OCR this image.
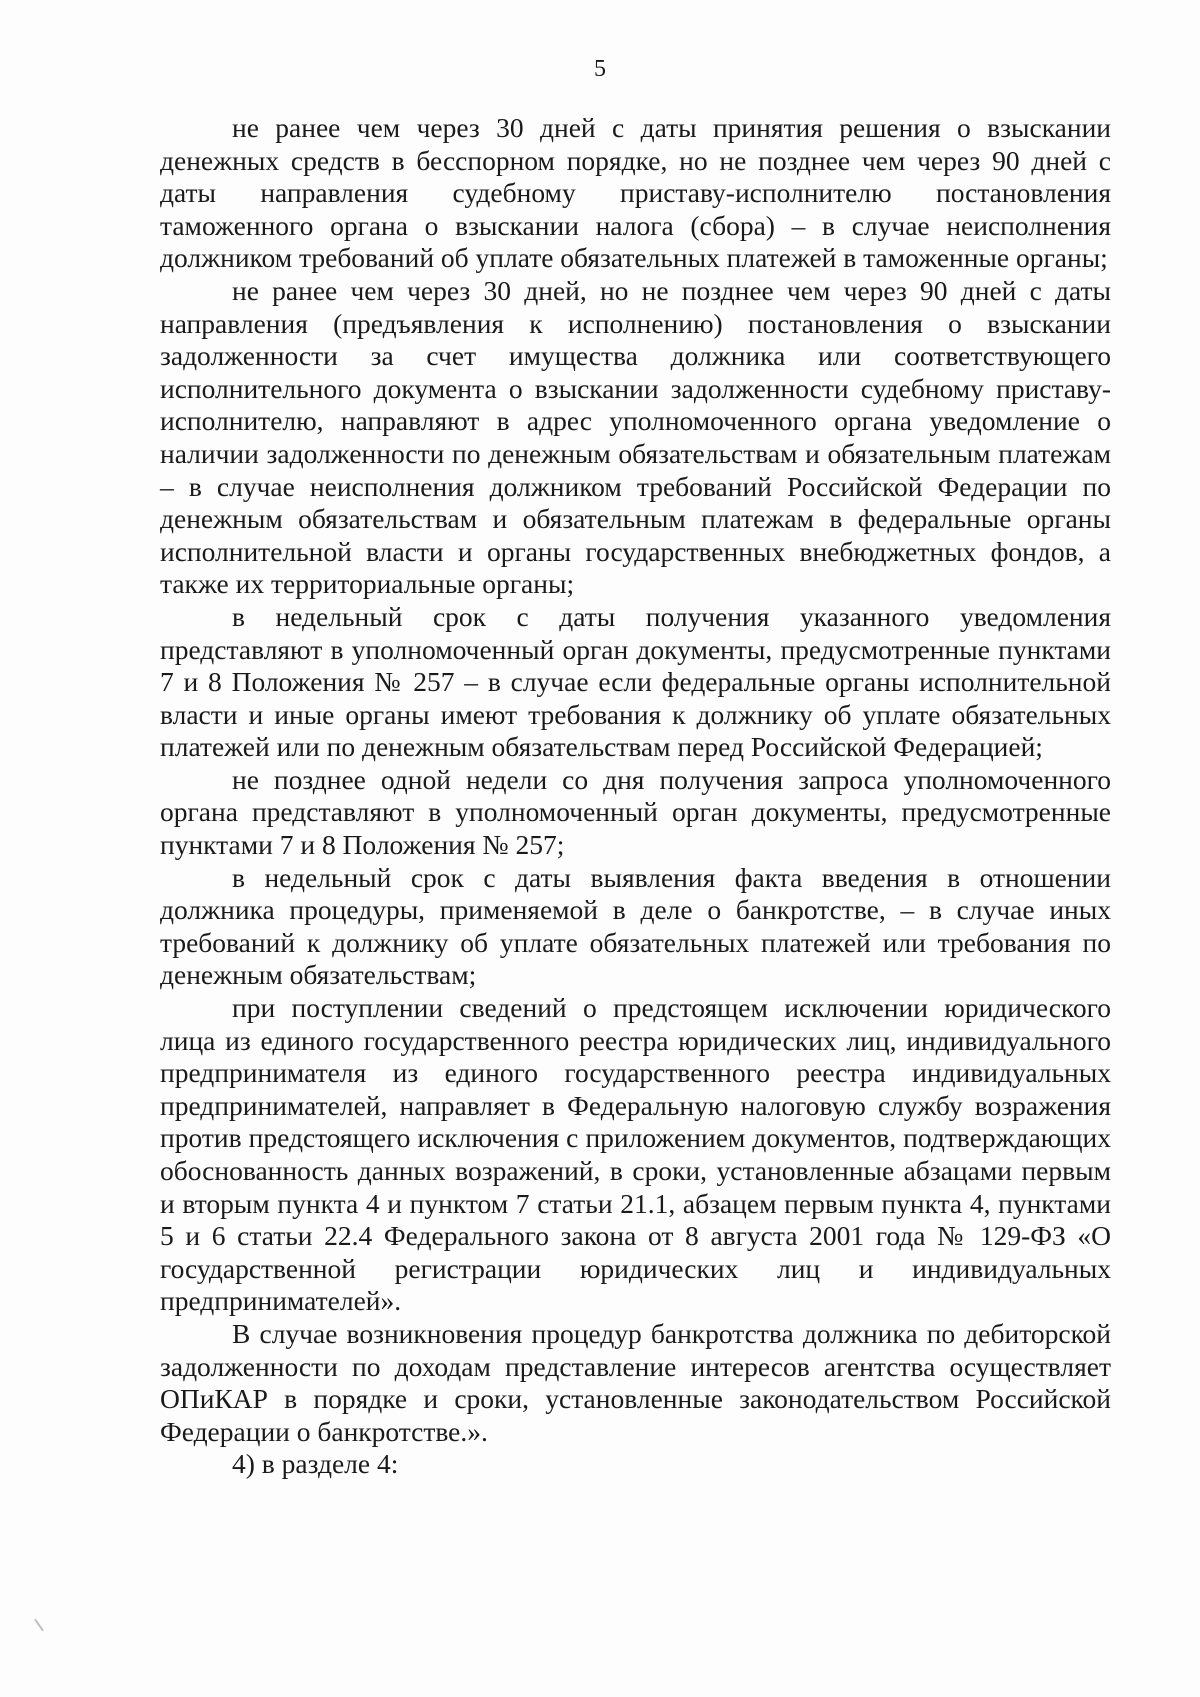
5

не ранее чем через 30 дней с даты принятия решения о взыскании денежных средств в бесспорном порядке, но не позднее чем через 90 дней с даты направления судебному приставу-исполнителю постановления таможенного органа о взыскании налога (сбора) – в случае неисполнения должником требований об уплате обязательных платежей в таможенные органы;

не ранее чем через 30 дней, но не позднее чем через 90 дней с даты направления (предъявления к исполнению) постановления о взыскании задолженности за счет имущества должника или соответствующего исполнительного документа о взыскании задолженности судебному приставу-исполнителю, направляют в адрес уполномоченного органа уведомление о наличии задолженности по денежным обязательствам и обязательным платежам – в случае неисполнения должником требований Российской Федерации по денежным обязательствам и обязательным платежам в федеральные органы исполнительной власти и органы государственных внебюджетных фондов, а также их территориальные органы;

в недельный срок с даты получения указанного уведомления представляют в уполномоченный орган документы, предусмотренные пунктами 7 и 8 Положения № 257 – в случае если федеральные органы исполнительной власти и иные органы имеют требования к должнику об уплате обязательных платежей или по денежным обязательствам перед Российской Федерацией;

не позднее одной недели со дня получения запроса уполномоченного органа представляют в уполномоченный орган документы, предусмотренные пунктами 7 и 8 Положения № 257;

в недельный срок с даты выявления факта введения в отношении должника процедуры, применяемой в деле о банкротстве, – в случае иных требований к должнику об уплате обязательных платежей или требования по денежным обязательствам;

при поступлении сведений о предстоящем исключении юридического лица из единого государственного реестра юридических лиц, индивидуального предпринимателя из единого государственного реестра индивидуальных предпринимателей, направляет в Федеральную налоговую службу возражения против предстоящего исключения с приложением документов, подтверждающих обоснованность данных возражений, в сроки, установленные абзацами первым и вторым пункта 4 и пунктом 7 статьи 21.1, абзацем первым пункта 4, пунктами 5 и 6 статьи 22.4 Федерального закона от 8 августа 2001 года № 129-ФЗ «О государственной регистрации юридических лиц и индивидуальных предпринимателей».

В случае возникновения процедур банкротства должника по дебиторской задолженности по доходам представление интересов агентства осуществляет ОПиКАР в порядке и сроки, установленные законодательством Российской Федерации о банкротстве.».

4) в разделе 4:
